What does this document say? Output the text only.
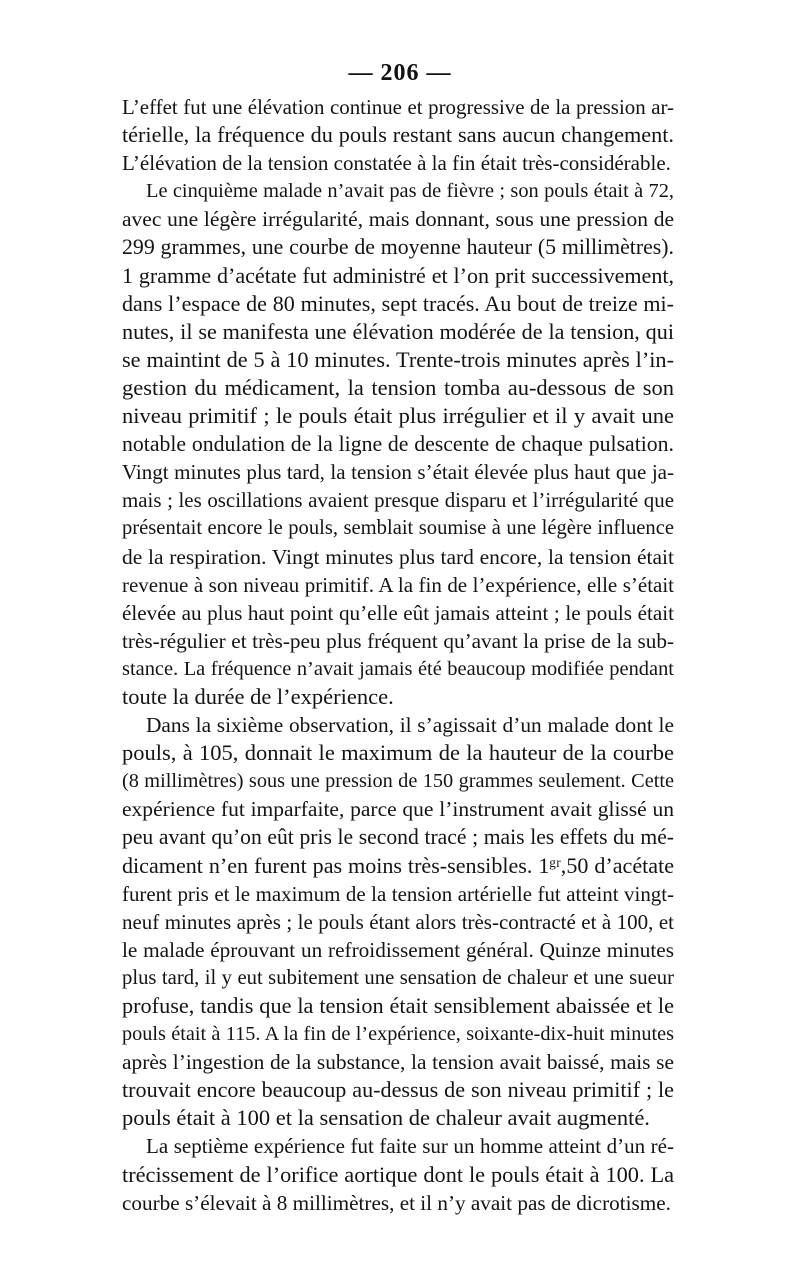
— 206 —
L’effet fut une élévation continue et progressive de la pression ar-
térielle, la fréquence du pouls restant sans aucun changement.
L’élévation de la tension constatée à la fin était très-considérable.
Le cinquième malade n’avait pas de fièvre ; son pouls était à 72,
avec une légère irrégularité, mais donnant, sous une pression de
299 grammes, une courbe de moyenne hauteur (5 millimètres).
1 gramme d’acétate fut administré et l’on prit successivement,
dans l’espace de 80 minutes, sept tracés. Au bout de treize mi-
nutes, il se manifesta une élévation modérée de la tension, qui
se maintint de 5 à 10 minutes. Trente-trois minutes après l’in-
gestion du médicament, la tension tomba au-dessous de son
niveau primitif ; le pouls était plus irrégulier et il y avait une
notable ondulation de la ligne de descente de chaque pulsation.
Vingt minutes plus tard, la tension s’était élevée plus haut que ja-
mais ; les oscillations avaient presque disparu et l’irrégularité que
présentait encore le pouls, semblait soumise à une légère influence
de la respiration. Vingt minutes plus tard encore, la tension était
revenue à son niveau primitif. A la fin de l’expérience, elle s’était
élevée au plus haut point qu’elle eût jamais atteint ; le pouls était
très-régulier et très-peu plus fréquent qu’avant la prise de la sub-
stance. La fréquence n’avait jamais été beaucoup modifiée pendant
toute la durée de l’expérience.
Dans la sixième observation, il s’agissait d’un malade dont le
pouls, à 105, donnait le maximum de la hauteur de la courbe
(8 millimètres) sous une pression de 150 grammes seulement. Cette
expérience fut imparfaite, parce que l’instrument avait glissé un
peu avant qu’on eût pris le second tracé ; mais les effets du mé-
dicament n’en furent pas moins très-sensibles. 1ᵍʳ,50 d’acétate
furent pris et le maximum de la tension artérielle fut atteint vingt-
neuf minutes après ; le pouls étant alors très-contracté et à 100, et
le malade éprouvant un refroidissement général. Quinze minutes
plus tard, il y eut subitement une sensation de chaleur et une sueur
profuse, tandis que la tension était sensiblement abaissée et le
pouls était à 115. A la fin de l’expérience, soixante-dix-huit minutes
après l’ingestion de la substance, la tension avait baissé, mais se
trouvait encore beaucoup au-dessus de son niveau primitif ; le
pouls était à 100 et la sensation de chaleur avait augmenté.
La septième expérience fut faite sur un homme atteint d’un ré-
trécissement de l’orifice aortique dont le pouls était à 100. La
courbe s’élevait à 8 millimètres, et il n’y avait pas de dicrotisme.
